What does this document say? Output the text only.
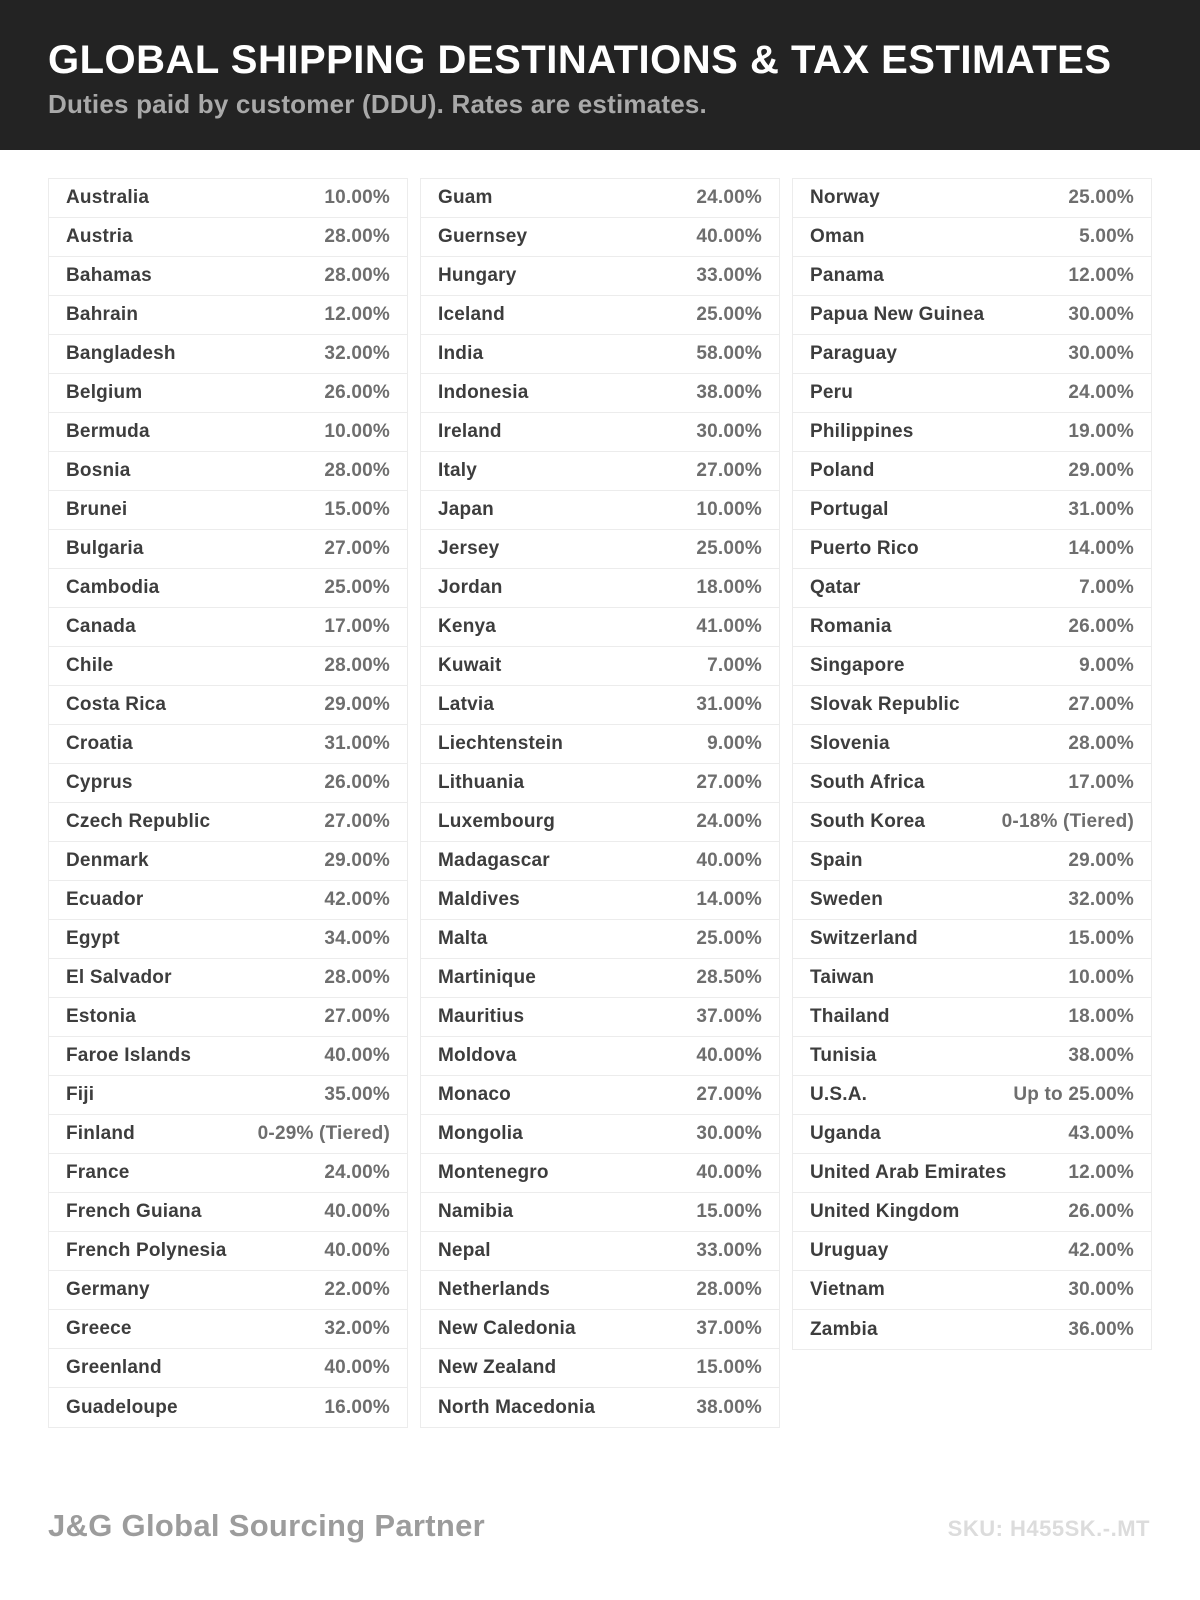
GLOBAL SHIPPING DESTINATIONS & TAX ESTIMATES
Duties paid by customer (DDU). Rates are estimates.
Australia	10.00%
Austria	28.00%
Bahamas	28.00%
Bahrain	12.00%
Bangladesh	32.00%
Belgium	26.00%
Bermuda	10.00%
Bosnia	28.00%
Brunei	15.00%
Bulgaria	27.00%
Cambodia	25.00%
Canada	17.00%
Chile	28.00%
Costa Rica	29.00%
Croatia	31.00%
Cyprus	26.00%
Czech Republic	27.00%
Denmark	29.00%
Ecuador	42.00%
Egypt	34.00%
El Salvador	28.00%
Estonia	27.00%
Faroe Islands	40.00%
Fiji	35.00%
Finland	0-29% (Tiered)
France	24.00%
French Guiana	40.00%
French Polynesia	40.00%
Germany	22.00%
Greece	32.00%
Greenland	40.00%
Guadeloupe	16.00%
Guam	24.00%
Guernsey	40.00%
Hungary	33.00%
Iceland	25.00%
India	58.00%
Indonesia	38.00%
Ireland	30.00%
Italy	27.00%
Japan	10.00%
Jersey	25.00%
Jordan	18.00%
Kenya	41.00%
Kuwait	7.00%
Latvia	31.00%
Liechtenstein	9.00%
Lithuania	27.00%
Luxembourg	24.00%
Madagascar	40.00%
Maldives	14.00%
Malta	25.00%
Martinique	28.50%
Mauritius	37.00%
Moldova	40.00%
Monaco	27.00%
Mongolia	30.00%
Montenegro	40.00%
Namibia	15.00%
Nepal	33.00%
Netherlands	28.00%
New Caledonia	37.00%
New Zealand	15.00%
North Macedonia	38.00%
Norway	25.00%
Oman	5.00%
Panama	12.00%
Papua New Guinea	30.00%
Paraguay	30.00%
Peru	24.00%
Philippines	19.00%
Poland	29.00%
Portugal	31.00%
Puerto Rico	14.00%
Qatar	7.00%
Romania	26.00%
Singapore	9.00%
Slovak Republic	27.00%
Slovenia	28.00%
South Africa	17.00%
South Korea	0-18% (Tiered)
Spain	29.00%
Sweden	32.00%
Switzerland	15.00%
Taiwan	10.00%
Thailand	18.00%
Tunisia	38.00%
U.S.A.	Up to 25.00%
Uganda	43.00%
United Arab Emirates	12.00%
United Kingdom	26.00%
Uruguay	42.00%
Vietnam	30.00%
Zambia	36.00%
J&G Global Sourcing Partner	SKU: H455SK.-.MT
